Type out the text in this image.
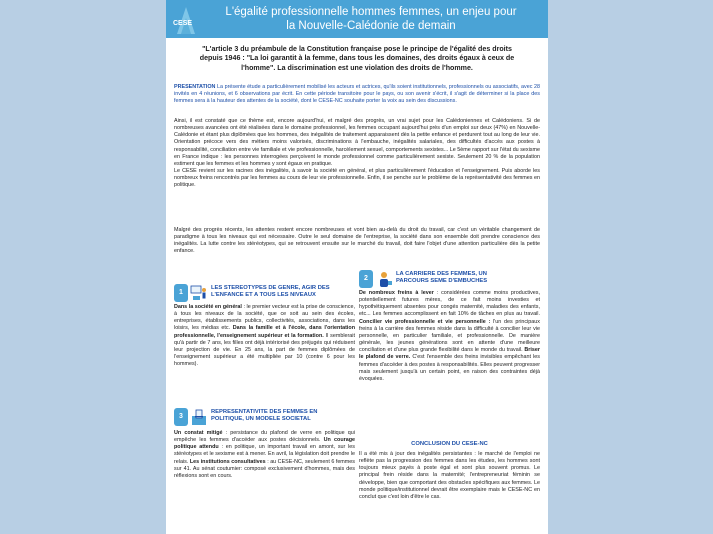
CESE
L'égalité professionnelle hommes femmes, un enjeu pour
la Nouvelle-Calédonie de demain
"L'article 3 du préambule de la Constitution française pose le principe de l'égalité des droits
depuis 1946 : "La loi garantit à la femme, dans tous les domaines, des droits égaux à ceux de
l'homme". La discrimination est une violation des droits de l'homme.
PRESENTATION La présente étude a particulièrement mobilisé les acteurs et actrices, qu'ils soient institutionnels, professionnels ou associatifs, avec 28 invités en 4 réunions, et 6 observations par écrit. En cette période transitoire pour le pays, ou son avenir s'écrit, il s'agit de déterminer si la place des femmes sera à la hauteur des attentes de la société, dont le CESE-NC souhaite porter la voix au sein des discussions.
Ainsi, il est constaté que ce thème est, encore aujourd'hui, et malgré des progrès, un vrai sujet pour les Calédoniennes et Calédoniens. Si de nombreuses avancées ont été réalisées dans le domaine professionnel, les femmes occupant aujourd'hui près d'un emploi sur deux (47%) en Nouvelle-Calédonie et étant plus diplômées que les hommes, des inégalités de traitement apparaissent dès la petite enfance et perdurent tout au long de leur vie. Orientation précoce vers des métiers moins valorisés, discriminations à l'embauche, inégalités salariales, des difficultés d'accès aux postes à responsabilité, conciliation entre vie familiale et vie professionnelle, harcèlement sexuel, comportements sexistes... Le 5ème rapport sur l'état du sexisme en France indique : les personnes interrogées perçoivent le monde professionnel comme particulièrement sexiste. Seulement 20 % de la population estiment que les femmes et les hommes y sont égaux en pratique.
Le CESE revient sur les racines des inégalités, à savoir la société en général, et plus particulièrement l'éducation et l'enseignement. Puis aborde les nombreux freins rencontrés par les femmes au cours de leur vie professionnelle. Enfin, il se penche sur le problème de la représentativité des femmes en politique.
Malgré des progrès récents, les attentes restent encore nombreuses et vont bien au-delà du droit du travail, car c'est un véritable changement de paradigme à tous les niveaux qui est nécessaire. Outre le seul domaine de l'entreprise, la société dans son ensemble doit prendre conscience des inégalités. La lutte contre les stéréotypes, qui se retrouvent ensuite sur le marché du travail, doit faire l'objet d'une attention particulière dès la petite enfance.
1
LES STEREOTYPES DE GENRE, AGIR DES
L'ENFANCE ET A TOUS LES NIVEAUX
Dans la société en général : le premier vecteur est la prise de conscience, à tous les niveaux de la société, que ce soit au sein des écoles, entreprises, établissements publics, collectivités, associations, dans les loisirs, les médias etc. Dans la famille et à l'école, dans l'orientation professionnelle, l'enseignement supérieur et la formation. Il semblerait qu'à partir de 7 ans, les filles ont déjà intériorisé des préjugés qui réduisent leur projection de vie. En 25 ans, la part de femmes diplômées de l'enseignement supérieur a été multipliée par 10 (contre 6 pour les hommes).
3
REPRESENTATIVITE DES FEMMES EN
POLITIQUE, UN MODELE SOCIETAL
Un constat mitigé : persistance du plafond de verre en politique qui empêche les femmes d'accéder aux postes décisionnels. Un courage politique attendu : en politique, un important travail en amont, sur les stéréotypes et le sexisme est à mener. En avril, la législation doit prendre le relais. Les institutions consultatives : au CESE-NC, seulement 6 femmes sur 41. Au sénat coutumier: composé exclusivement d'hommes, mais des réflexions sont en cours.
2
LA CARRIERE DES FEMMES, UN
PARCOURS SEME D'EMBUCHES
De nombreux freins à lever : considérées comme moins productives, potentiellement futures mères, de ce fait moins investies et hypothétiquement absentes pour congés maternité, maladies des enfants, etc... Les femmes accomplissent en fait 10% de tâches en plus au travail. Concilier vie professionnelle et vie personnelle : l'un des principaux freins à la carrière des femmes réside dans la difficulté à concilier leur vie personnelle, en particulier familiale, et professionnelle. De manière générale, les jeunes générations sont en attente d'une meilleure conciliation et d'une plus grande flexibilité dans le monde du travail. Briser le plafond de verre. C'est l'ensemble des freins invisibles empêchant les femmes d'accéder à des postes à responsabilités. Elles peuvent progresser mais seulement jusqu'à un certain point, en raison des contraintes déjà évoquées.
CONCLUSION DU CESE-NC
Il a été mis à jour des inégalités persistantes : le marché de l'emploi ne reflète pas la progression des femmes dans les études, les hommes sont toujours mieux payés à poste égal et sont plus souvent promus. Le principal frein réside dans la maternité; l'entrepreneuriat féminin se développe, bien que comportant des obstacles spécifiques aux femmes. Le monde politique/institutionnel devrait être exemplaire mais le CESE-NC en conclut que c'est loin d'être le cas.
